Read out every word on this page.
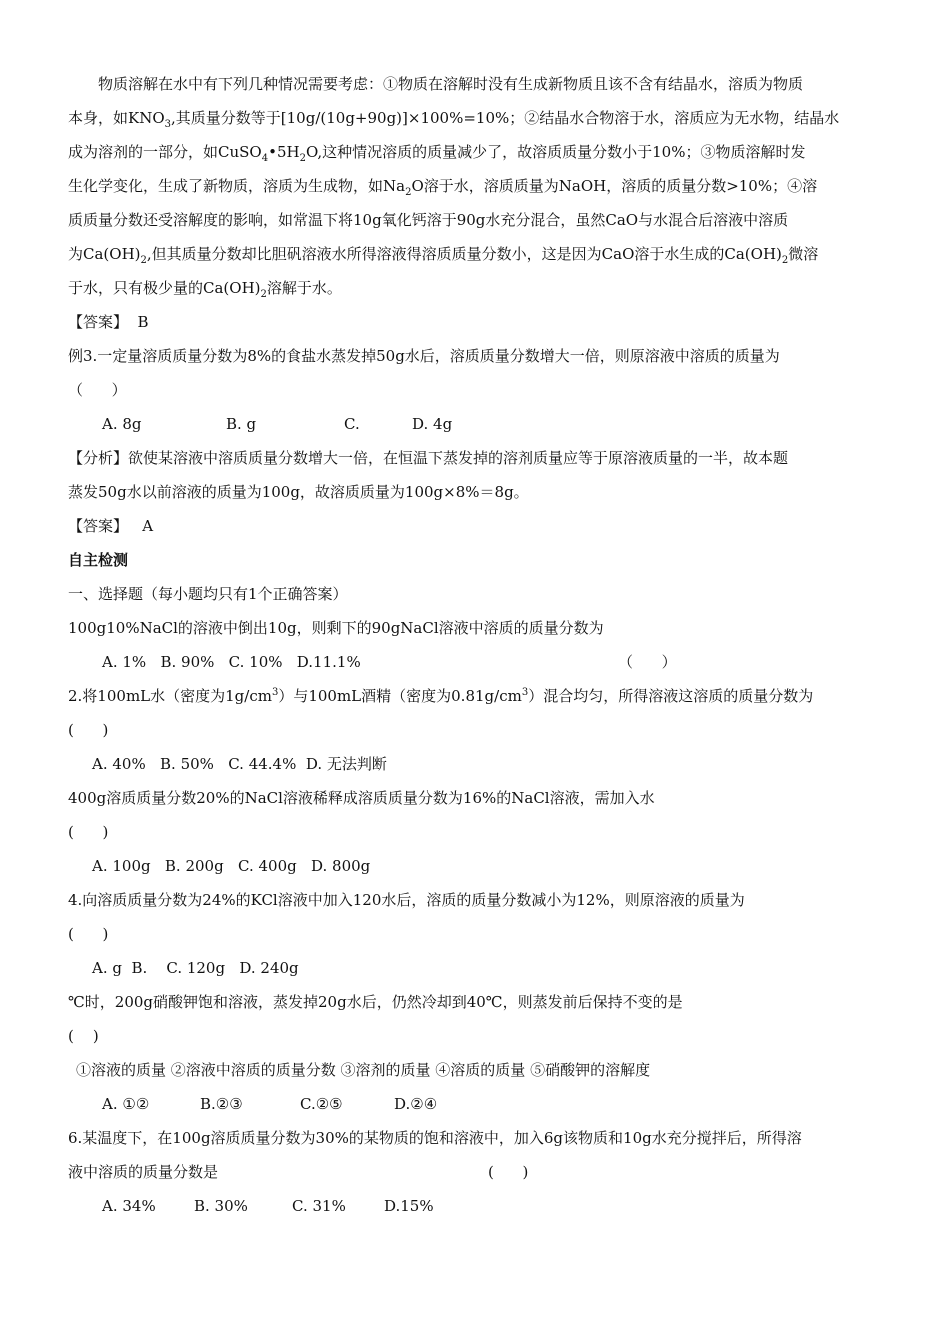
物质溶解在水中有下列几种情况需要考虑：①物质在溶解时没有生成新物质且该不含有结晶水，溶质为物质
本身，如$KNO_3$,其质量分数等于[10g/(10g+90g)]×100%=10%；②结晶水合物溶于水，溶质应为无水物，结晶水
成为溶剂的一部分，如$CuSO_4•5H_2O$,这种情况溶质的质量减少了，故溶质质量分数小于10%；③物质溶解时发
生化学变化，生成了新物质，溶质为生成物，如$Na_2O$溶于水，溶质质量为NaOH，溶质的质量分数>10%；④溶
质质量分数还受溶解度的影响，如常温下将10g氧化钙溶于90g水充分混合，虽然CaO与水混合后溶液中溶质
为$Ca(OH)_2$,但其质量分数却比胆矾溶液水所得溶液得溶质质量分数小，这是因为CaO溶于水生成的$Ca(OH)_2$微溶
于水，只有极少量的$Ca(OH)_2$溶解于水。
【答案】  B
例3.一定量溶质质量分数为8%的食盐水蒸发掉50g水后，溶质质量分数增大一倍，则原溶液中溶质的质量为
（      ）
A. 8g	B. g	C.	D. 4g
【分析】欲使某溶液中溶质质量分数增大一倍，在恒温下蒸发掉的溶剂质量应等于原溶液质量的一半，故本题
蒸发50g水以前溶液的质量为100g，故溶质质量为100g×8%＝8g。
【答案】   A
自主检测
一、选择题（每小题均只有1个正确答案）
100g10%NaCl的溶液中倒出10g，则剩下的90gNaCl溶液中溶质的质量分数为
A. 1%   B. 90%   C. 10%   D.11.1%	（      ）
2.将100mL水（密度为$1g/cm^3$）与100mL酒精（密度为$0.81g/cm^3$）混合均匀，所得溶液这溶质的质量分数为
(      )
A. 40%   B. 50%   C. 44.4%  D. 无法判断
400g溶质质量分数20%的NaCl溶液稀释成溶质质量分数为16%的NaCl溶液，需加入水
(      )
A. 100g   B. 200g   C. 400g   D. 800g
4.向溶质质量分数为24%的KCl溶液中加入120水后，溶质的质量分数减小为12%，则原溶液的质量为
(      )
A. g  B.    C. 120g   D. 240g
℃时，200g硝酸钾饱和溶液，蒸发掉20g水后，仍然冷却到40℃，则蒸发前后保持不变的是
(    )
①溶液的质量 ②溶液中溶质的质量分数 ③溶剂的质量 ④溶质的质量 ⑤硝酸钾的溶解度
A. ①②	B.②③	C.②⑤	D.②④
6.某温度下，在100g溶质质量分数为30%的某物质的饱和溶液中，加入6g该物质和10g水充分搅拌后，所得溶
液中溶质的质量分数是	(      )
A. 34%	B. 30%	C. 31%	D.15%
